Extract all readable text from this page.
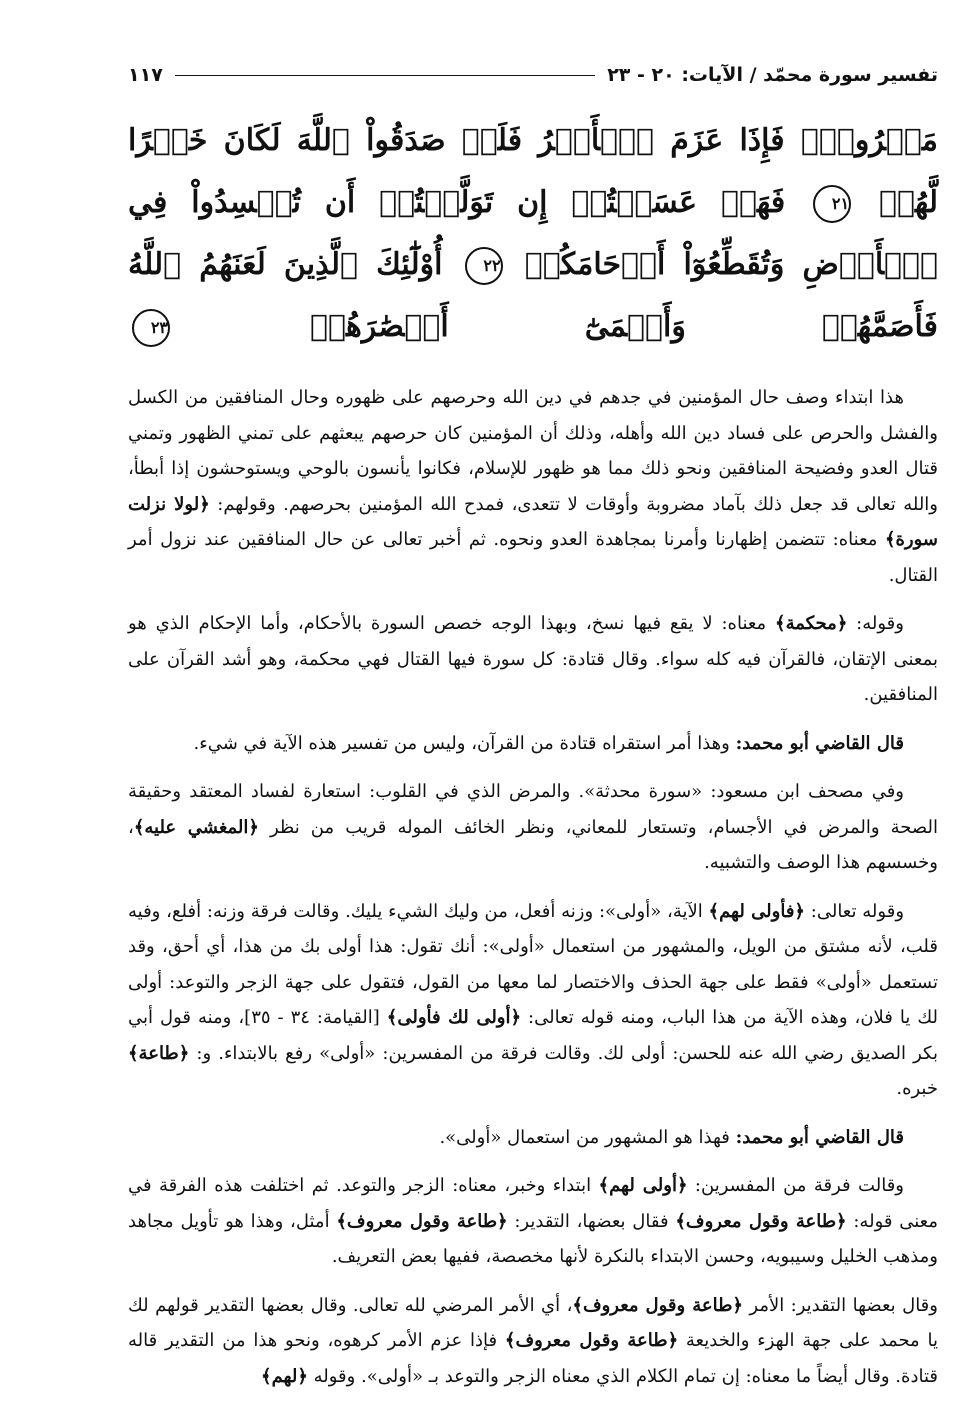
تفسير سورة محمّد / الآيات: ٢٠ - ٢٣
١١٧
مَعۡرُوفٌۚ فَإِذَا عَزَمَ ٱلۡأَمۡرُ فَلَوۡ صَدَقُواْ ٱللَّهَ لَكَانَ خَيۡرًا لَّهُمۡ ٢١ فَهَلۡ عَسَيۡتُمۡ إِن تَوَلَّيۡتُمۡ أَن تُفۡسِدُواْ فِي ٱلۡأَرۡضِ وَتُقَطِّعُوٓاْ أَرۡحَامَكُمۡ ٢٢ أُوْلَٰٓئِكَ ٱلَّذِينَ لَعَنَهُمُ ٱللَّهُ فَأَصَمَّهُمۡ وَأَعۡمَىٰٓ أَبۡصَٰرَهُمۡ ٢٣

هذا ابتداء وصف حال المؤمنين في جدهم في دين الله وحرصهم على ظهوره وحال المنافقين من الكسل والفشل والحرص على فساد دين الله وأهله، وذلك أن المؤمنين كان حرصهم يبعثهم على تمني الظهور وتمني قتال العدو وفضيحة المنافقين ونحو ذلك مما هو ظهور للإسلام، فكانوا يأنسون بالوحي ويستوحشون إذا أبطأ، والله تعالى قد جعل ذلك بآماد مضروبة وأوقات لا تتعدى، فمدح الله المؤمنين بحرصهم. وقولهم: ﴿لولا نزلت سورة﴾ معناه: تتضمن إظهارنا وأمرنا بمجاهدة العدو ونحوه. ثم أخبر تعالى عن حال المنافقين عند نزول أمر القتال.

وقوله: ﴿محكمة﴾ معناه: لا يقع فيها نسخ، وبهذا الوجه خصص السورة بالأحكام، وأما الإحكام الذي هو بمعنى الإتقان، فالقرآن فيه كله سواء. وقال قتادة: كل سورة فيها القتال فهي محكمة، وهو أشد القرآن على المنافقين.

قال القاضي أبو محمد: وهذا أمر استقراه قتادة من القرآن، وليس من تفسير هذه الآية في شيء.

وفي مصحف ابن مسعود: «سورة محدثة». والمرض الذي في القلوب: استعارة لفساد المعتقد وحقيقة الصحة والمرض في الأجسام، وتستعار للمعاني، ونظر الخائف الموله قريب من نظر ﴿المغشي عليه﴾، وخسسهم هذا الوصف والتشبيه.

وقوله تعالى: ﴿فأولى لهم﴾ الآية، «أولى»: وزنه أفعل، من وليك الشيء يليك. وقالت فرقة وزنه: أفلع، وفيه قلب، لأنه مشتق من الويل، والمشهور من استعمال «أولى»: أنك تقول: هذا أولى بك من هذا، أي أحق، وقد تستعمل «أولى» فقط على جهة الحذف والاختصار لما معها من القول، فتقول على جهة الزجر والتوعد: أولى لك يا فلان، وهذه الآية من هذا الباب، ومنه قوله تعالى: ﴿أولى لك فأولى﴾ [القيامة: ٣٤ - ٣٥]، ومنه قول أبي بكر الصديق رضي الله عنه للحسن: أولى لك. وقالت فرقة من المفسرين: «أولى» رفع بالابتداء. و: ﴿طاعة﴾ خبره.

قال القاضي أبو محمد: فهذا هو المشهور من استعمال «أولى».

وقالت فرقة من المفسرين: ﴿أولى لهم﴾ ابتداء وخبر، معناه: الزجر والتوعد. ثم اختلفت هذه الفرقة في معنى قوله: ﴿طاعة وقول معروف﴾ فقال بعضها، التقدير: ﴿طاعة وقول معروف﴾ أمثل، وهذا هو تأويل مجاهد ومذهب الخليل وسيبويه، وحسن الابتداء بالنكرة لأنها مخصصة، ففيها بعض التعريف.

وقال بعضها التقدير: الأمر ﴿طاعة وقول معروف﴾، أي الأمر المرضي لله تعالى. وقال بعضها التقدير قولهم لك يا محمد على جهة الهزء والخديعة ﴿طاعة وقول معروف﴾ فإذا عزم الأمر كرهوه، ونحو هذا من التقدير قاله قتادة. وقال أيضاً ما معناه: إن تمام الكلام الذي معناه الزجر والتوعد بـ «أولى». وقوله ﴿لهم﴾
